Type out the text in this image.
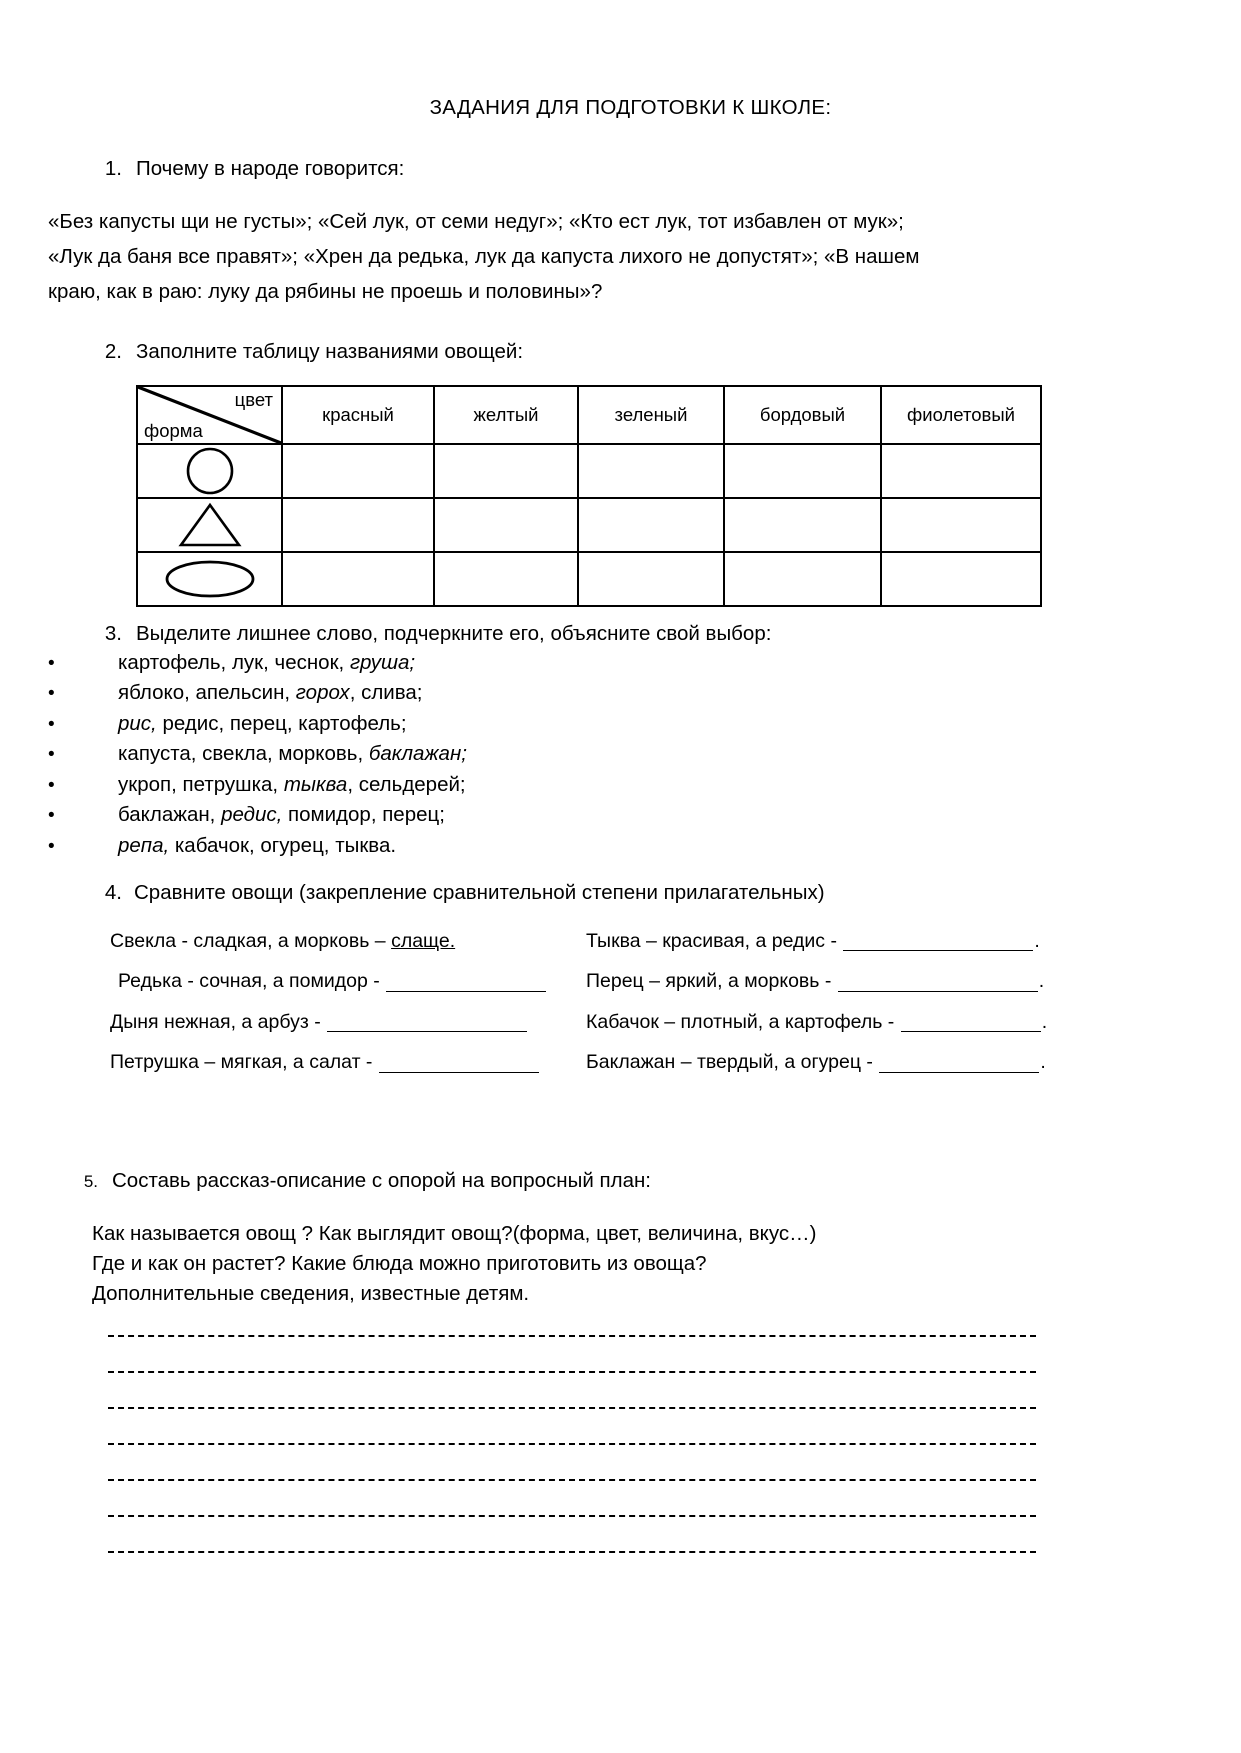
ЗАДАНИЯ ДЛЯ ПОДГОТОВКИ К ШКОЛЕ:
1. Почему в народе говорится:
«Без капусты щи не густы»; «Сей лук, от семи недуг»; «Кто ест лук, тот избавлен от мук»; «Лук да баня все правят»; «Хрен да редька, лук да капуста лихого не допустят»; «В нашем краю, как в раю: луку да рябины не проешь и половины»?
2. Заполните таблицу названиями овощей:
цвет
форма	красный	желтый	зеленый	бордовый	фиолетовый

3. Выделите лишнее слово, подчеркните его, объясните свой выбор:
•	картофель, лук, чеснок, груша;
•	яблоко, апельсин, горох, слива;
•	рис, редис, перец, картофель;
•	капуста, свекла, морковь, баклажан;
•	укроп, петрушка, тыква, сельдерей;
•	баклажан, редис, помидор, перец;
•	репа, кабачок, огурец, тыква.
4. Сравните овощи (закрепление сравнительной степени прилагательных)
Свекла - сладкая, а морковь – слаще.
Редька - сочная, а помидор -
Дыня нежная, а арбуз -
Петрушка – мягкая, а салат -
Тыква – красивая, а редис -	.
Перец – яркий, а морковь -	.
Кабачок – плотный, а картофель -	.
Баклажан – твердый, а огурец -	.
5. Составь рассказ-описание с опорой на вопросный план:
Как называется овощ ? Как выглядит овощ?(форма, цвет, величина, вкус…)
Где и как он растет? Какие блюда можно приготовить из овоща?
Дополнительные сведения, известные детям.
